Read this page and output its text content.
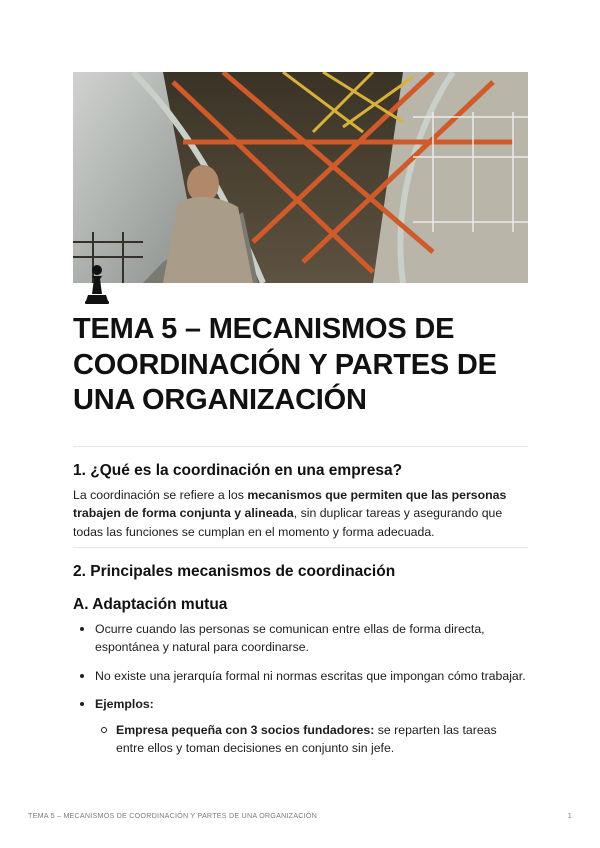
TEMA 5 – MECANISMOS DE COORDINACIÓN Y PARTES DE UNA ORGANIZACIÓN
1. ¿Qué es la coordinación en una empresa?

La coordinación se refiere a los mecanismos que permiten que las personas trabajen de forma conjunta y alineada, sin duplicar tareas y asegurando que todas las funciones se cumplan en el momento y forma adecuada.

2. Principales mecanismos de coordinación
A. Adaptación mutua
Ocurre cuando las personas se comunican entre ellas de forma directa, espontánea y natural para coordinarse.
No existe una jerarquía formal ni normas escritas que impongan cómo trabajar.
Ejemplos:
Empresa pequeña con 3 socios fundadores: se reparten las tareas entre ellos y toman decisiones en conjunto sin jefe.
TEMA 5 – MECANISMOS DE COORDINACIÓN Y PARTES DE UNA ORGANIZACIÓN	1
